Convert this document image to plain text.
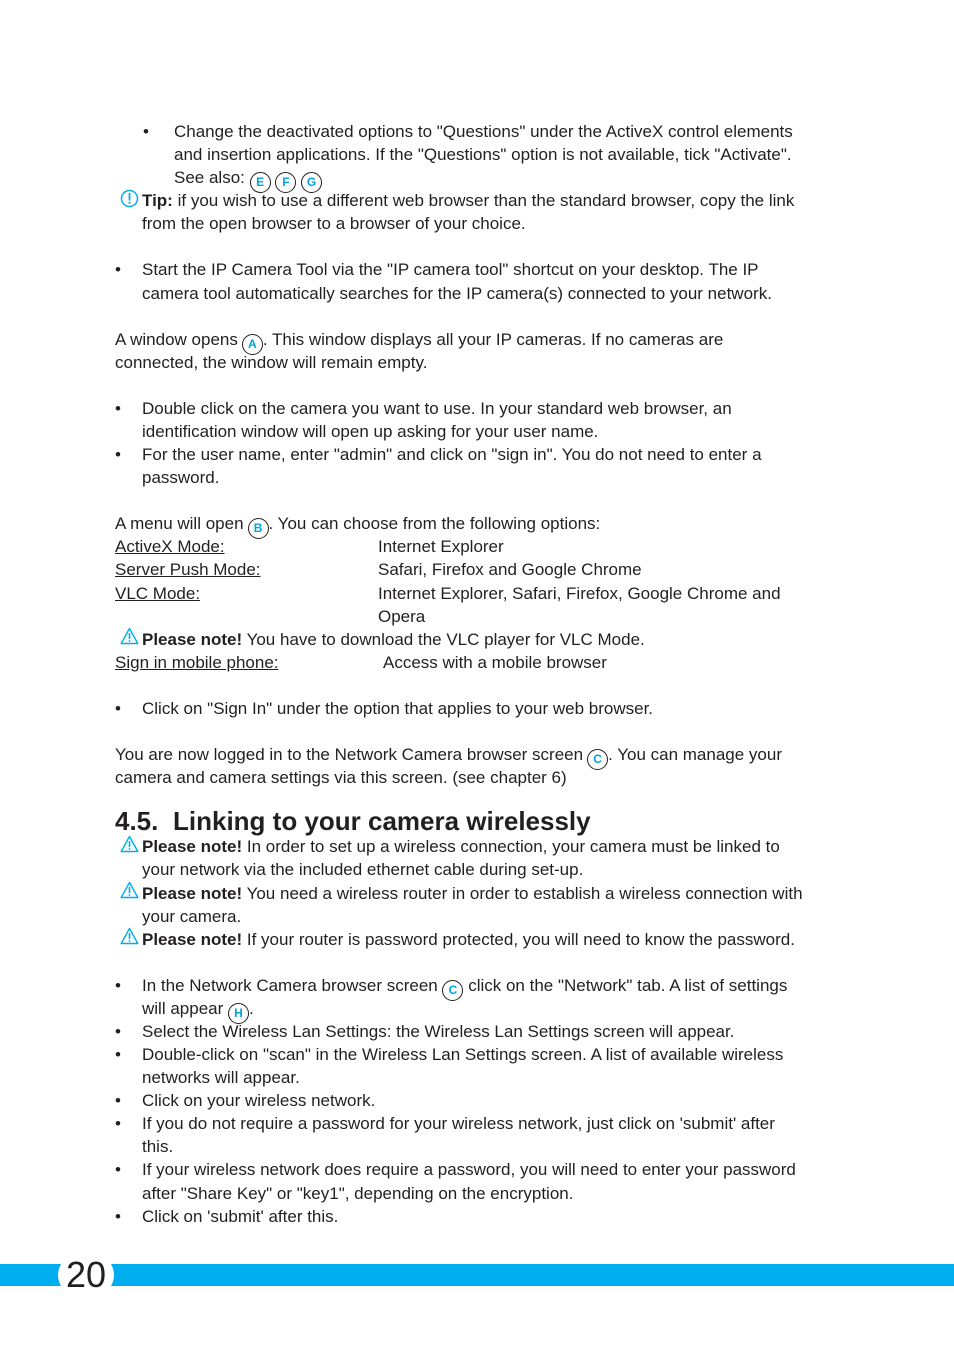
• Change the deactivated options to "Questions" under the ActiveX control elements
and insertion applications. If the "Questions" option is not available, tick "Activate".
See also: E F G
Tip: if you wish to use a different web browser than the standard browser, copy the link
from the open browser to a browser of your choice.
• Start the IP Camera Tool via the "IP camera tool" shortcut on your desktop. The IP
camera tool automatically searches for the IP camera(s) connected to your network.
A window opens A . This window displays all your IP cameras. If no cameras are
connected, the window will remain empty.
• Double click on the camera you want to use. In your standard web browser, an
identification window will open up asking for your user name.
• For the user name, enter "admin" and click on "sign in". You do not need to enter a
password.
A menu will open B . You can choose from the following options:
ActiveX Mode:	Internet Explorer
Server Push Mode:	Safari, Firefox and Google Chrome
VLC Mode:	Internet Explorer, Safari, Firefox, Google Chrome and
Opera
Please note! You have to download the VLC player for VLC Mode.
Sign in mobile phone:	Access with a mobile browser
• Click on "Sign In" under the option that applies to your web browser.
You are now logged in to the Network Camera browser screen C . You can manage your
camera and camera settings via this screen. (see chapter 6)
4.5. Linking to your camera wirelessly
Please note! In order to set up a wireless connection, your camera must be linked to
your network via the included ethernet cable during set-up.
Please note! You need a wireless router in order to establish a wireless connection with
your camera.
Please note! If your router is password protected, you will need to know the password.
• In the Network Camera browser screen C click on the "Network" tab. A list of settings
will appear H .
• Select the Wireless Lan Settings: the Wireless Lan Settings screen will appear.
• Double-click on "scan" in the Wireless Lan Settings screen. A list of available wireless
networks will appear.
• Click on your wireless network.
• If you do not require a password for your wireless network, just click on 'submit' after
this.
• If your wireless network does require a password, you will need to enter your password
after "Share Key" or "key1", depending on the encryption.
• Click on 'submit' after this.
20
